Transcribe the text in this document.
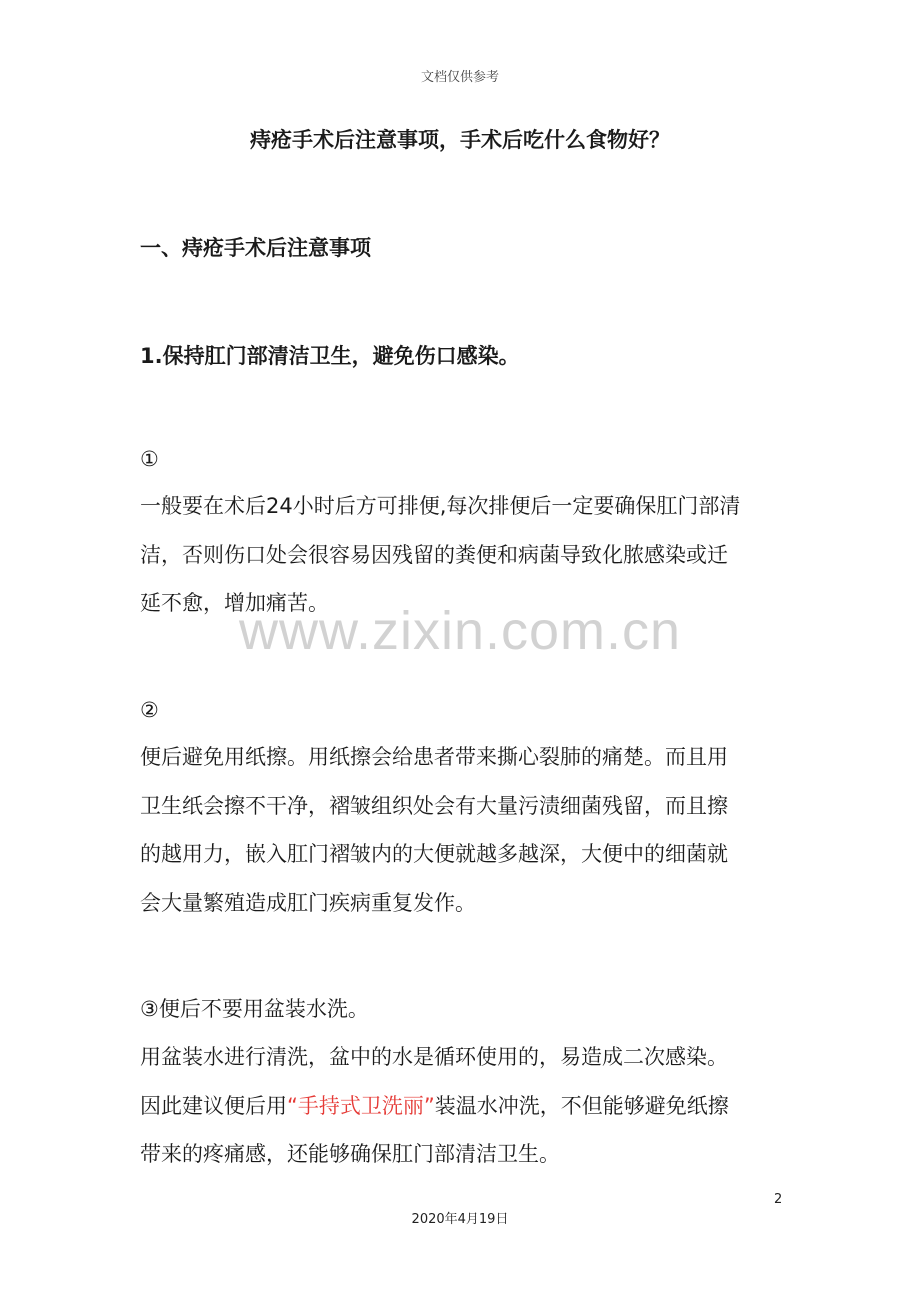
文档仅供参考
痔疮手术后注意事项，手术后吃什么食物好？
一、痔疮手术后注意事项
1.保持肛门部清洁卫生，避免伤口感染。
①
一般要在术后24小时后方可排便,每次排便后一定要确保肛门部清
洁，否则伤口处会很容易因残留的粪便和病菌导致化脓感染或迁
延不愈，增加痛苦。
www.zixin.com.cn
②
便后避免用纸擦。用纸擦会给患者带来撕心裂肺的痛楚。而且用
卫生纸会擦不干净，褶皱组织处会有大量污渍细菌残留，而且擦
的越用力，嵌入肛门褶皱内的大便就越多越深，大便中的细菌就
会大量繁殖造成肛门疾病重复发作。
③便后不要用盆装水洗。
用盆装水进行清洗，盆中的水是循环使用的，易造成二次感染。
因此建议便后用“手持式卫洗丽”装温水冲洗，不但能够避免纸擦
带来的疼痛感，还能够确保肛门部清洁卫生。
2
2020年4月19日
